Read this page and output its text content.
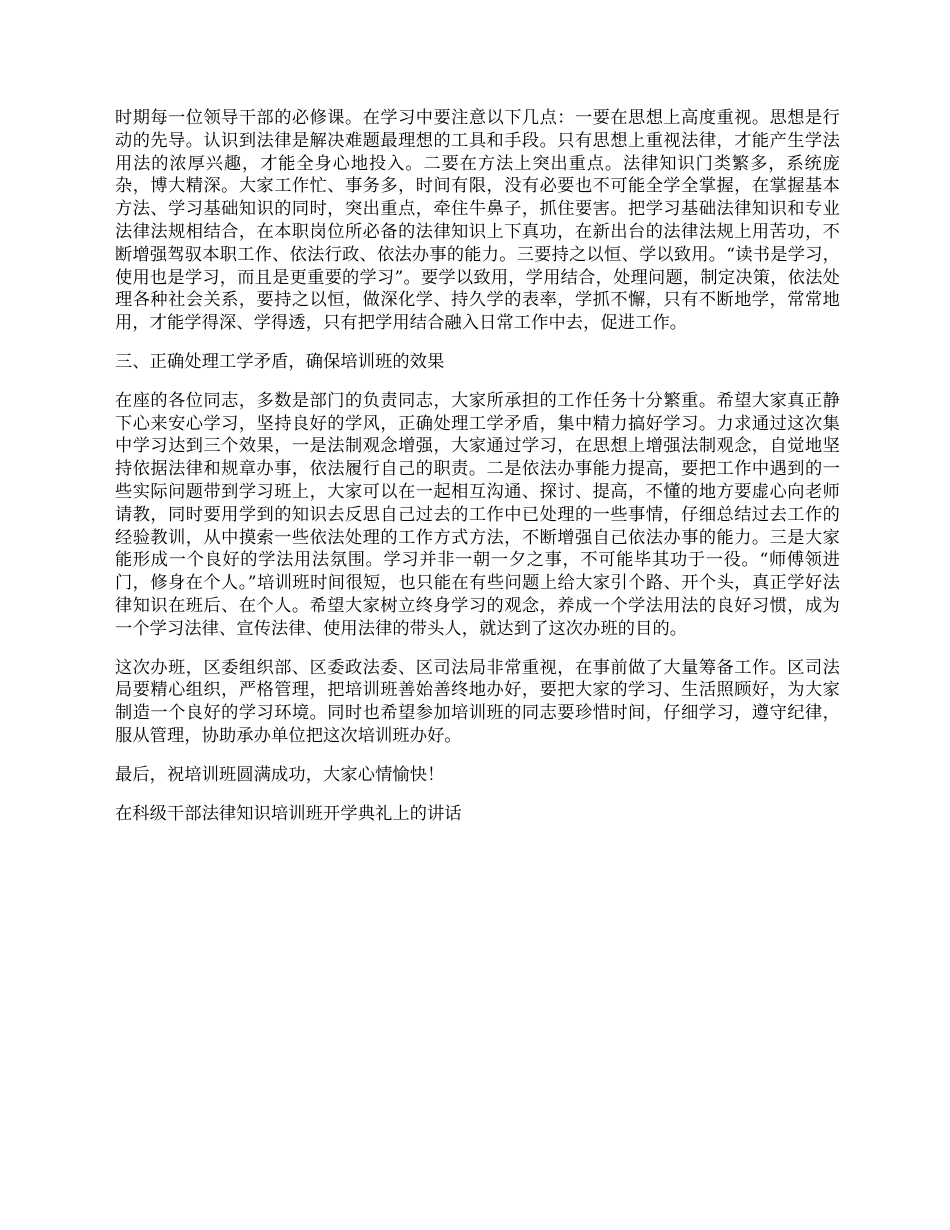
时期每一位领导干部的必修课。在学习中要注意以下几点：一要在思想上高度重视。思想是行动的先导。认识到法律是解决难题最理想的工具和手段。只有思想上重视法律，才能产生学法用法的浓厚兴趣，才能全身心地投入。二要在方法上突出重点。法律知识门类繁多，系统庞杂，博大精深。大家工作忙、事务多，时间有限，没有必要也不可能全学全掌握，在掌握基本方法、学习基础知识的同时，突出重点，牵住牛鼻子，抓住要害。把学习基础法律知识和专业法律法规相结合，在本职岗位所必备的法律知识上下真功，在新出台的法律法规上用苦功，不断增强驾驭本职工作、依法行政、依法办事的能力。三要持之以恒、学以致用。“读书是学习，使用也是学习，而且是更重要的学习”。要学以致用，学用结合，处理问题，制定决策，依法处理各种社会关系，要持之以恒，做深化学、持久学的表率，学抓不懈，只有不断地学，常常地用，才能学得深、学得透，只有把学用结合融入日常工作中去，促进工作。

三、正确处理工学矛盾，确保培训班的效果

在座的各位同志，多数是部门的负责同志，大家所承担的工作任务十分繁重。希望大家真正静下心来安心学习，坚持良好的学风，正确处理工学矛盾，集中精力搞好学习。力求通过这次集中学习达到三个效果，一是法制观念增强，大家通过学习，在思想上增强法制观念，自觉地坚持依据法律和规章办事，依法履行自己的职责。二是依法办事能力提高，要把工作中遇到的一些实际问题带到学习班上，大家可以在一起相互沟通、探讨、提高，不懂的地方要虚心向老师请教，同时要用学到的知识去反思自己过去的工作中已处理的一些事情，仔细总结过去工作的经验教训，从中摸索一些依法处理的工作方式方法，不断增强自己依法办事的能力。三是大家能形成一个良好的学法用法氛围。学习并非一朝一夕之事，不可能毕其功于一役。“师傅领进门，修身在个人。”培训班时间很短，也只能在有些问题上给大家引个路、开个头，真正学好法律知识在班后、在个人。希望大家树立终身学习的观念，养成一个学法用法的良好习惯，成为一个学习法律、宣传法律、使用法律的带头人，就达到了这次办班的目的。

这次办班，区委组织部、区委政法委、区司法局非常重视，在事前做了大量筹备工作。区司法局要精心组织，严格管理，把培训班善始善终地办好，要把大家的学习、生活照顾好，为大家制造一个良好的学习环境。同时也希望参加培训班的同志要珍惜时间，仔细学习，遵守纪律，服从管理，协助承办单位把这次培训班办好。

最后，祝培训班圆满成功，大家心情愉快！

在科级干部法律知识培训班开学典礼上的讲话
